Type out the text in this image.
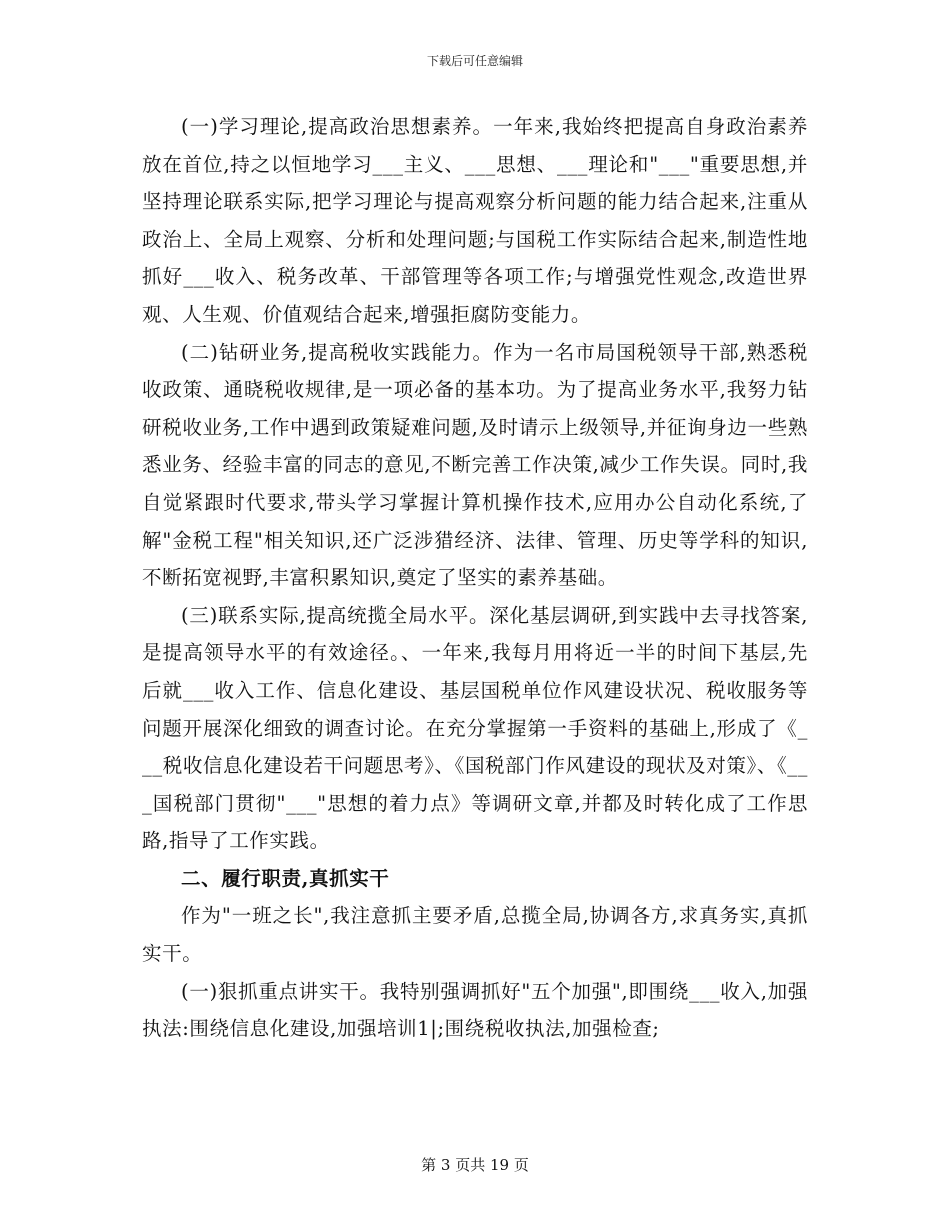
下载后可任意编辑

(一)学习理论,提高政治思想素养。一年来,我始终把提高自身政治素养放在首位,持之以恒地学习___主义、___思想、___理论和"___"重要思想,并坚持理论联系实际,把学习理论与提高观察分析问题的能力结合起来,注重从政治上、全局上观察、分析和处理问题;与国税工作实际结合起来,制造性地抓好___收入、税务改革、干部管理等各项工作;与增强党性观念,改造世界观、人生观、价值观结合起来,增强拒腐防变能力。

(二)钻研业务,提高税收实践能力。作为一名市局国税领导干部,熟悉税收政策、通晓税收规律,是一项必备的基本功。为了提高业务水平,我努力钻研税收业务,工作中遇到政策疑难问题,及时请示上级领导,并征询身边一些熟悉业务、经验丰富的同志的意见,不断完善工作决策,减少工作失误。同时,我自觉紧跟时代要求,带头学习掌握计算机操作技术,应用办公自动化系统,了解"金税工程"相关知识,还广泛涉猎经济、法律、管理、历史等学科的知识,不断拓宽视野,丰富积累知识,奠定了坚实的素养基础。

(三)联系实际,提高统揽全局水平。深化基层调研,到实践中去寻找答案,是提高领导水平的有效途径。、一年来,我每月用将近一半的时间下基层,先后就___收入工作、信息化建设、基层国税单位作风建设状况、税收服务等问题开展深化细致的调查讨论。在充分掌握第一手资料的基础上,形成了《___税收信息化建设若干问题思考》、《国税部门作风建设的现状及对策》、《___国税部门贯彻"___"思想的着力点》等调研文章,并都及时转化成了工作思路,指导了工作实践。

二、履行职责,真抓实干

作为"一班之长",我注意抓主要矛盾,总揽全局,协调各方,求真务实,真抓实干。

(一)狠抓重点讲实干。我特别强调抓好"五个加强",即围绕___收入,加强执法:围绕信息化建设,加强培训1|;围绕税收执法,加强检查;

第 3 页共 19 页
